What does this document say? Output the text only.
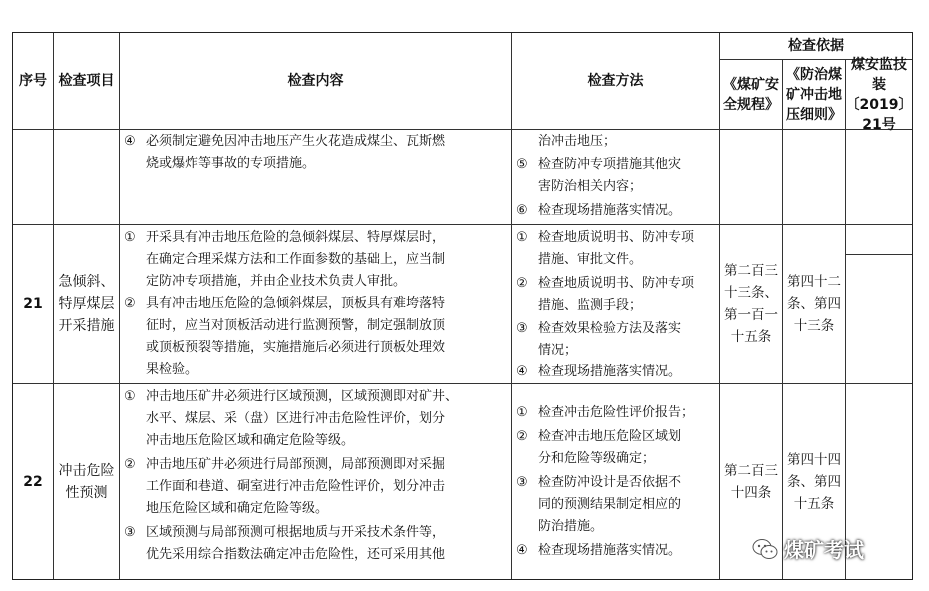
序号 检查项目	检查内容	检查方法
检查依据
《煤矿安全规程》
《防治煤矿冲击地压细则》
煤安监技装〔2019〕21号
④ 必须制定避免因冲击地压产生火花造成煤尘、瓦斯燃
烧或爆炸等事故的专项措施。
治冲击地压；
⑤ 检查防冲专项措施其他灾
害防治相关内容；
⑥ 检查现场措施落实情况。
21
急倾斜、特厚煤层开采措施
① 开采具有冲击地压危险的急倾斜煤层、特厚煤层时，
在确定合理采煤方法和工作面参数的基础上，应当制
定防冲专项措施，并由企业技术负责人审批。
② 具有冲击地压危险的急倾斜煤层，顶板具有难垮落特
征时，应当对顶板活动进行监测预警，制定强制放顶
或顶板预裂等措施，实施措施后必须进行顶板处理效
果检验。
① 检查地质说明书、防冲专项
措施、审批文件。
② 检查地质说明书、防冲专项
措施、监测手段；
③ 检查效果检验方法及落实
情况；
④ 检查现场措施落实情况。
第二百三十三条、第一百一十五条
第四十二条、第四十三条
22
冲击危险性预测
① 冲击地压矿井必须进行区域预测，区域预测即对矿井、
水平、煤层、采（盘）区进行冲击危险性评价，划分
冲击地压危险区域和确定危险等级。
② 冲击地压矿井必须进行局部预测，局部预测即对采掘
工作面和巷道、硐室进行冲击危险性评价，划分冲击
地压危险区域和确定危险等级。
③ 区域预测与局部预测可根据地质与开采技术条件等，
优先采用综合指数法确定冲击危险性，还可采用其他
① 检查冲击危险性评价报告；
② 检查冲击地压危险区域划
分和危险等级确定；
③ 检查防冲设计是否依据不
同的预测结果制定相应的
防治措施。
④ 检查现场措施落实情况。
第二百三十四条
第四十四条、第四十五条
煤矿考试
